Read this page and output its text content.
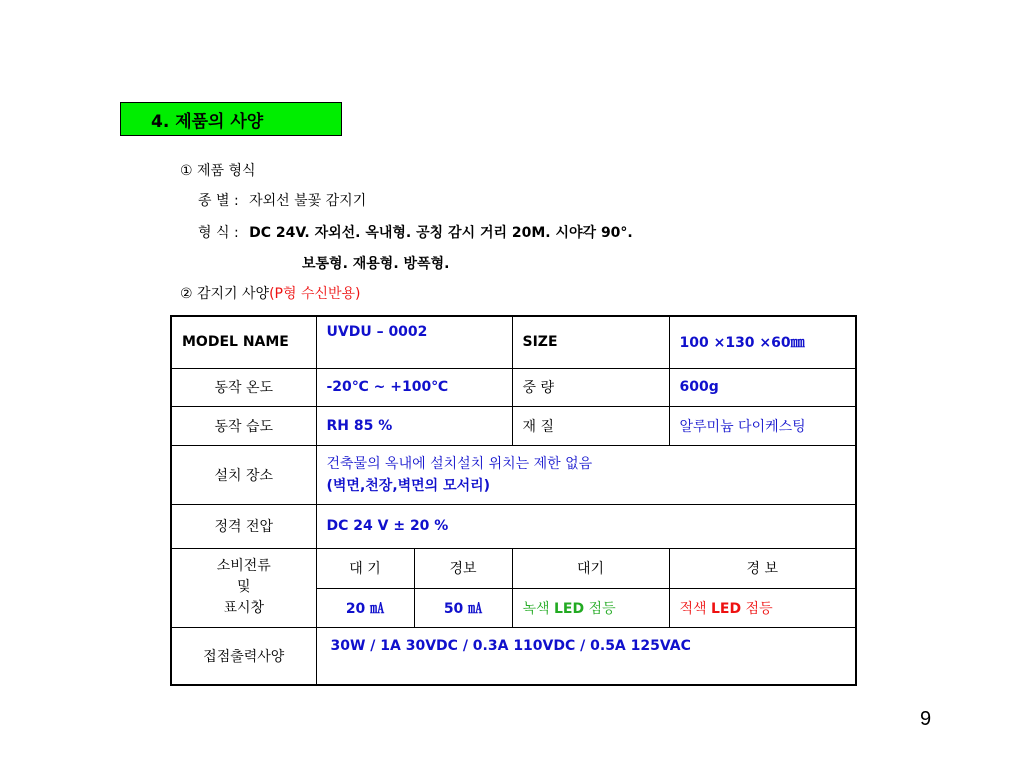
4. 제품의 사양
① 제품 형식
종 별 : 자외선 불꽃 감지기
형 식 : DC 24V. 자외선. 옥내형. 공칭 감시 거리 20M. 시야각 90°.
보통형. 재용형. 방폭형.
② 감지기 사양(P형 수신반용)
MODEL NAME	UVDU – 0002		SIZE	100 ×130 ×60㎜
동작 온도	-20℃ ~ +100℃		중 량	600g
동작 습도	RH 85 %		재 질	알루미늄 다이케스팅
설치 장소	건축물의 옥내에 설치설치 위치는 제한 없음
(벽면,천장,벽면의 모서리)			

정격 전압	DC 24 V ± 20 %			

소비전류
및
표시창	대 기	경보	대기	경 보
	20 ㎃	50 ㎃	녹색 LED 점등	적색 LED 점등
접점출력사양	30W / 1A 30VDC / 0.3A 110VDC / 0.5A 125VAC			
9
